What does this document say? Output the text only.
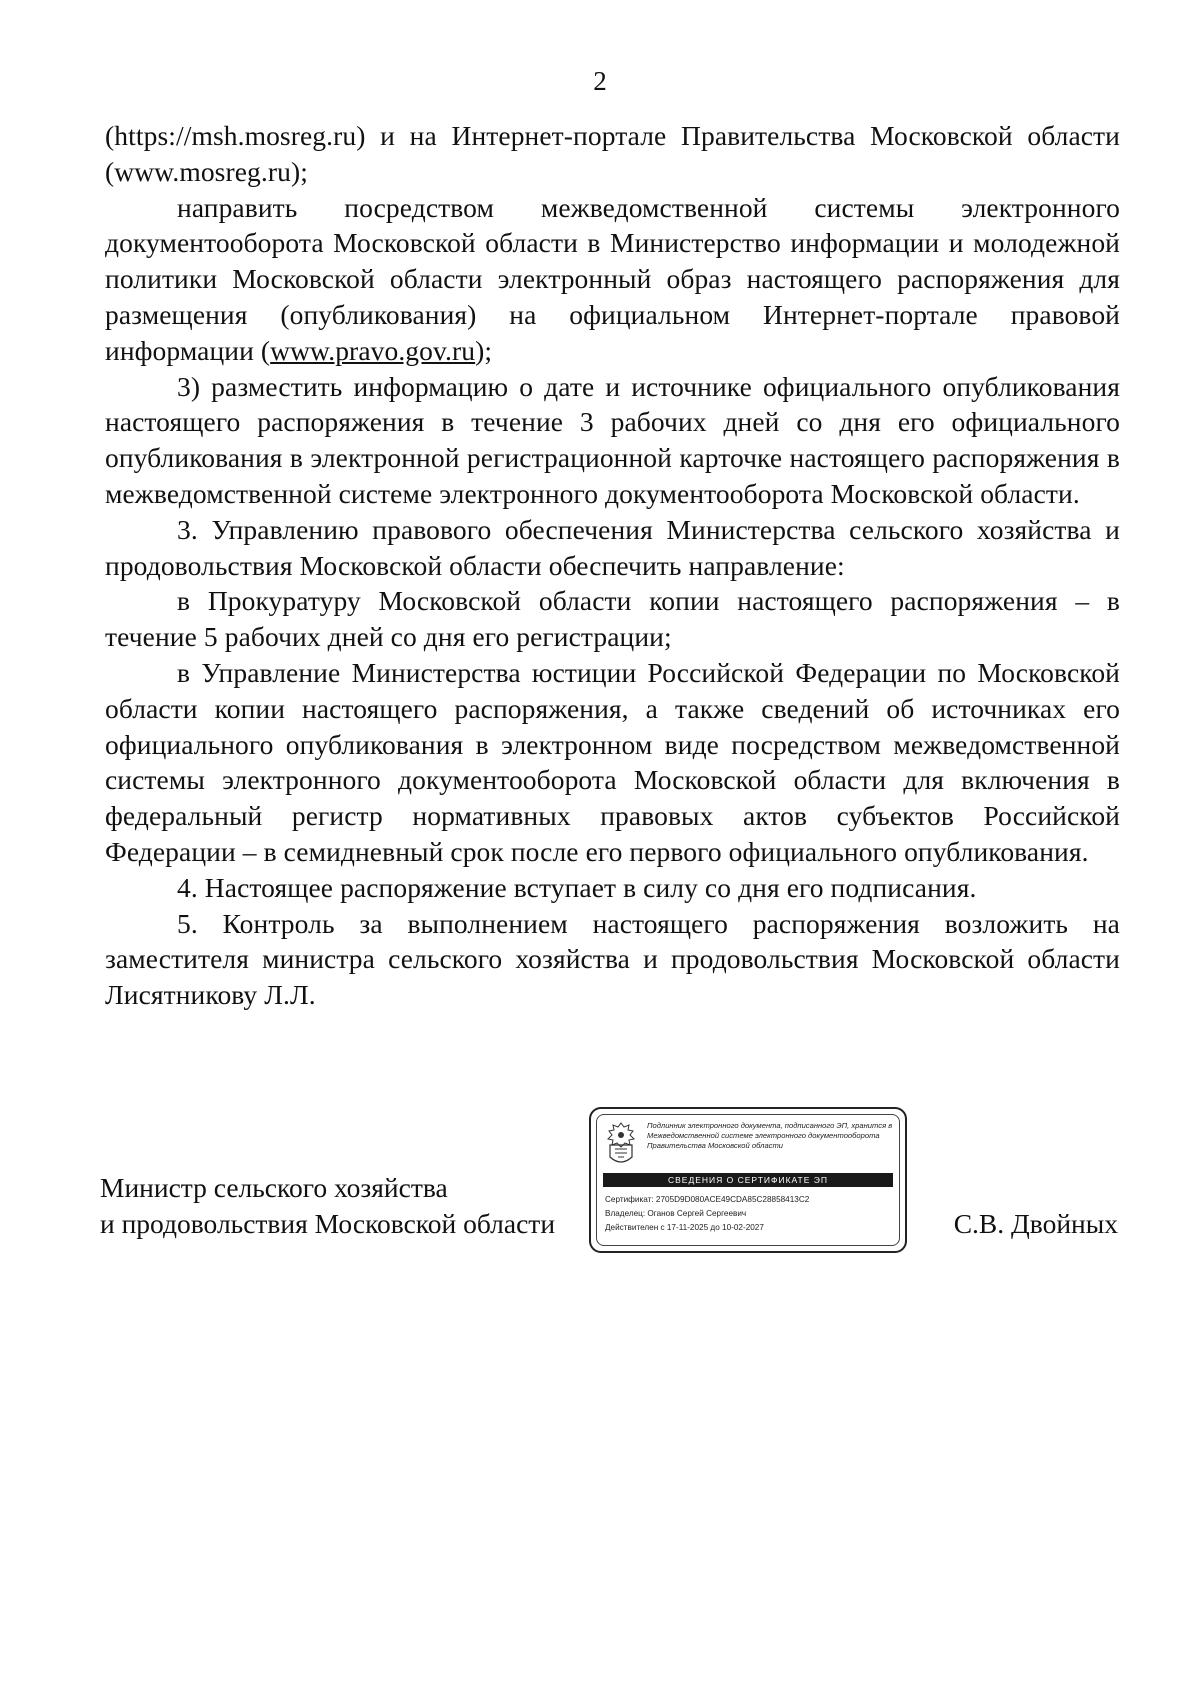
2

(https://msh.mosreg.ru) и на Интернет-портале Правительства Московской области (www.mosreg.ru);

направить посредством межведомственной системы электронного документооборота Московской области в Министерство информации и молодежной политики Московской области электронный образ настоящего распоряжения для размещения (опубликования) на официальном Интернет-портале правовой информации (www.pravo.gov.ru);

3) разместить информацию о дате и источнике официального опубликования настоящего распоряжения в течение 3 рабочих дней со дня его официального опубликования в электронной регистрационной карточке настоящего распоряжения в межведомственной системе электронного документооборота Московской области.

3. Управлению правового обеспечения Министерства сельского хозяйства и продовольствия Московской области обеспечить направление:

в Прокуратуру Московской области копии настоящего распоряжения – в течение 5 рабочих дней со дня его регистрации;

в Управление Министерства юстиции Российской Федерации по Московской области копии настоящего распоряжения, а также сведений об источниках его официального опубликования в электронном виде посредством межведомственной системы электронного документооборота Московской области для включения в федеральный регистр нормативных правовых актов субъектов Российской Федерации – в семидневный срок после его первого официального опубликования.

4. Настоящее распоряжение вступает в силу со дня его подписания.

5. Контроль за выполнением настоящего распоряжения возложить на заместителя министра сельского хозяйства и продовольствия Московской области Лисятникову Л.Л.

Министр сельского хозяйства
и продовольствия Московской области
Подлинник электронного документа, подписанного ЭП, хранится в Межведомственной системе электронного документооборота Правительства Московской области
СВЕДЕНИЯ О СЕРТИФИКАТЕ ЭП
Сертификат: 2705D9D080ACE49CDA85C28858413C2
Владелец: Оганов Сергей Сергеевич
Действителен с 17-11-2025 до 10-02-2027	С.В. Двойных
